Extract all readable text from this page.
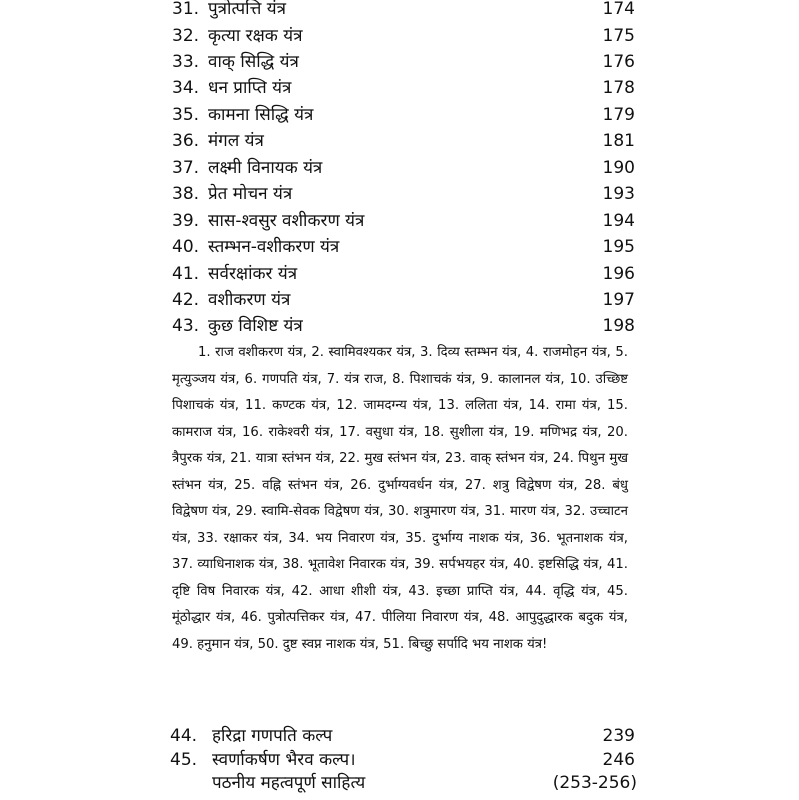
31. पुत्रोत्पत्ति यंत्र	174
32. कृत्या रक्षक यंत्र	175
33. वाक् सिद्धि यंत्र	176
34. धन प्राप्ति यंत्र	178
35. कामना सिद्धि यंत्र	179
36. मंगल यंत्र	181
37. लक्ष्मी विनायक यंत्र	190
38. प्रेत मोचन यंत्र	193
39. सास-श्वसुर वशीकरण यंत्र	194
40. स्तम्भन-वशीकरण यंत्र	195
41. सर्वरक्षांकर यंत्र	196
42. वशीकरण यंत्र	197
43. कुछ विशिष्ट यंत्र	198
1. राज वशीकरण यंत्र, 2. स्वामिवश्यकर यंत्र, 3. दिव्य स्तम्भन यंत्र, 4. राजमोहन यंत्र, 5. मृत्युञ्जय यंत्र, 6. गणपति यंत्र, 7. यंत्र राज, 8. पिशाचकं यंत्र, 9. कालानल यंत्र, 10. उच्छिष्ट पिशाचकं यंत्र, 11. कण्टक यंत्र, 12. जामदग्न्य यंत्र, 13. ललिता यंत्र, 14. रामा यंत्र, 15. कामराज यंत्र, 16. राकेश्वरी यंत्र, 17. वसुधा यंत्र, 18. सुशीला यंत्र, 19. मणिभद्र यंत्र, 20. त्रैपुरक यंत्र, 21. यात्रा स्तंभन यंत्र, 22. मुख स्तंभन यंत्र, 23. वाक् स्तंभन यंत्र, 24. पिथुन मुख स्तंभन यंत्र, 25. वह्नि स्तंभन यंत्र, 26. दुर्भाग्यवर्धन यंत्र, 27. शत्रु विद्वेषण यंत्र, 28. बंधु विद्वेषण यंत्र, 29. स्वामि-सेवक विद्वेषण यंत्र, 30. शत्रुमारण यंत्र, 31. मारण यंत्र, 32. उच्चाटन यंत्र, 33. रक्षाकर यंत्र, 34. भय निवारण यंत्र, 35. दुर्भाग्य नाशक यंत्र, 36. भूतनाशक यंत्र, 37. व्याधिनाशक यंत्र, 38. भूतावेश निवारक यंत्र, 39. सर्पभयहर यंत्र, 40. इष्टसिद्धि यंत्र, 41. दृष्टि विष निवारक यंत्र, 42. आधा शीशी यंत्र, 43. इच्छा प्राप्ति यंत्र, 44. वृद्धि यंत्र, 45. मूंठोद्धार यंत्र, 46. पुत्रोत्पत्तिकर यंत्र, 47. पीलिया निवारण यंत्र, 48. आपुदुद्धारक बदुक यंत्र, 49. हनुमान यंत्र, 50. दुष्ट स्वप्न नाशक यंत्र, 51. बिच्छु सर्पादि भय नाशक यंत्र!
44. हरिद्रा गणपति कल्प	239
45. स्वर्णाकर्षण भैरव कल्प।	246
पठनीय महत्वपूर्ण साहित्य	(253-256)
